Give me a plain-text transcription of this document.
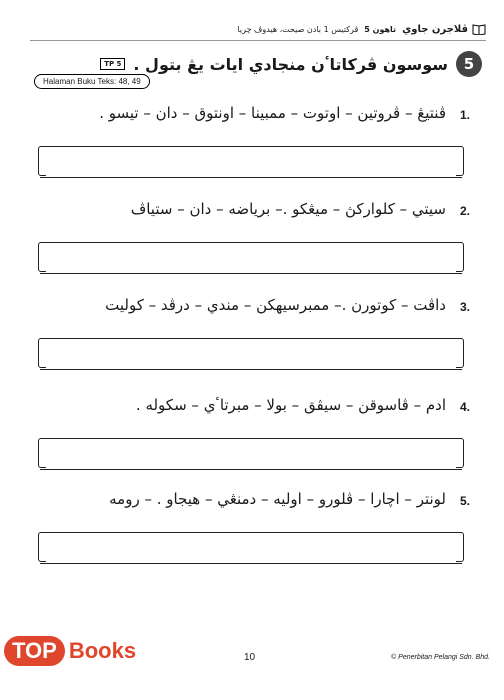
ڤلاجرن جاوي
تاهون 5
ڤرکتيس 1 بادن صيحت، هيدوڤ چريا
5
سوسون ڤرکاتاٴن منجادي ايات يڠ بتول .
TP 5
Halaman Buku Teks: 48, 49
1.
ڤنتيڠ – ڤروتين – اوتوت – ممبينا – اونتوق – دان – تيسو .
2.
سيتي – کلوارکڽ – ميڠکو .– برياضه – دان – ستياڤ
3.
داڤت – کوتورن .– ممبرسيهکن – مندي – درڤد – کوليت
4.
ادم – ڤاسوقن – سيڤق – بولا – مبرتاٴي – سکوله .
5.
لونتر – اچارا – ڤلورو – اوليه – دمنڠي – هيجاو . – رومه
TOP Books	10	© Penerbitan Pelangi Sdn. Bhd.
